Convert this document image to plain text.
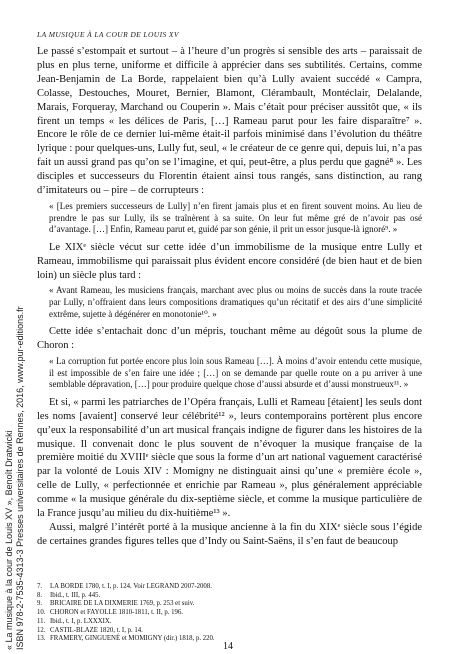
LA MUSIQUE À LA COUR DE LOUIS XV

Le passé s’estompait et surtout – à l’heure d’un progrès si sensible des arts – paraissait de plus en plus terne, uniforme et difficile à apprécier dans ses subtilités. Certains, comme Jean-Benjamin de La Borde, rappelaient bien qu’à Lully avaient succédé « Campra, Colasse, Destouches, Mouret, Bernier, Blamont, Clérambault, Montéclair, Delalande, Marais, Forqueray, Marchand ou Couperin ». Mais c’était pour préciser aussitôt que, « ils firent un temps « les délices de Paris, […] Rameau parut pour les faire disparaître⁷ ». Encore le rôle de ce dernier lui-même était-il parfois minimisé dans l’évolution du théâtre lyrique : pour quelques-uns, Lully fut, seul, « le créateur de ce genre qui, depuis lui, n’a pas fait un aussi grand pas qu’on se l’imagine, et qui, peut-être, a plus perdu que gagné⁸ ». Les disciples et successeurs du Florentin étaient ainsi tous rangés, sans distinction, au rang d’imitateurs ou – pire – de corrupteurs :

« [Les premiers successeurs de Lully] n’en firent jamais plus et en firent souvent moins. Au lieu de prendre le pas sur Lully, ils se traînèrent à sa suite. On leur fut même gré de n’avoir pas osé d’avantage. […] Enfin, Rameau parut et, guidé par son génie, il prit un essor jusque-là ignoré⁹. »

Le XIXᵉ siècle vécut sur cette idée d’un immobilisme de la musique entre Lully et Rameau, immobilisme qui paraissait plus évident encore considéré (de bien haut et de bien loin) un siècle plus tard :

« Avant Rameau, les musiciens français, marchant avec plus ou moins de succès dans la route tracée par Lully, n’offraient dans leurs compositions dramatiques qu’un récitatif et des airs d’une simplicité extrême, sujette à dégénérer en monotonie¹⁰. »

Cette idée s’entachait donc d’un mépris, touchant même au dégoût sous la plume de Choron :

« La corruption fut portée encore plus loin sous Rameau […]. À moins d’avoir entendu cette musique, il est impossible de s’en faire une idée ; […] on se demande par quelle route on a pu arriver à une semblable dépravation, […] pour produire quelque chose d’aussi absurde et d’aussi monstrueux¹¹. »

Et si, « parmi les patriarches de l’Opéra français, Lulli et Rameau [étaient] les seuls dont les noms [avaient] conservé leur célébrité¹² », leurs contemporains portèrent plus encore qu’eux la responsabilité d’un art musical français indigne de figurer dans les histoires de la musique. Il convenait donc le plus souvent de n’évoquer la musique française de la première moitié du XVIIIᵉ siècle que sous la forme d’un art national vaguement caractérisé par la volonté de Louis XIV : Momigny ne distinguait ainsi qu’une « première école », celle de Lully, « perfectionnée et enrichie par Rameau », plus généralement appréciable comme « la musique générale du dix-septième siècle, et comme la musique particulière de la France jusqu’au milieu du dix-huitième¹³ ».

Aussi, malgré l’intérêt porté à la musique ancienne à la fin du XIXᵉ siècle sous l’égide de certaines grandes figures telles que d’Indy ou Saint-Saëns, il s’en faut de beaucoup

7. LA BORDE 1780, t. I, p. 124. Voir LEGRAND 2007-2008.

8. Ibid., t. III, p. 445.

9. BRICAIRE DE LA DIXMERIE 1769, p. 253 et suiv.

10. CHORON et FAYOLLE 1810-1811, t. II, p. 196.

11. Ibid., t. I, p. LXXXIX.

12. CASTIL-BLAZE 1820, t. I, p. 14.

13. FRAMERY, GINGUENÉ et MOMIGNY (dir.) 1818, p. 220.

14
« La musique à la cour de Louis XV », Benoît Dratwicki ISBN 978-2-7535-4313-3 Presses universitaires de Rennes, 2016, www.pur-editions.fr
